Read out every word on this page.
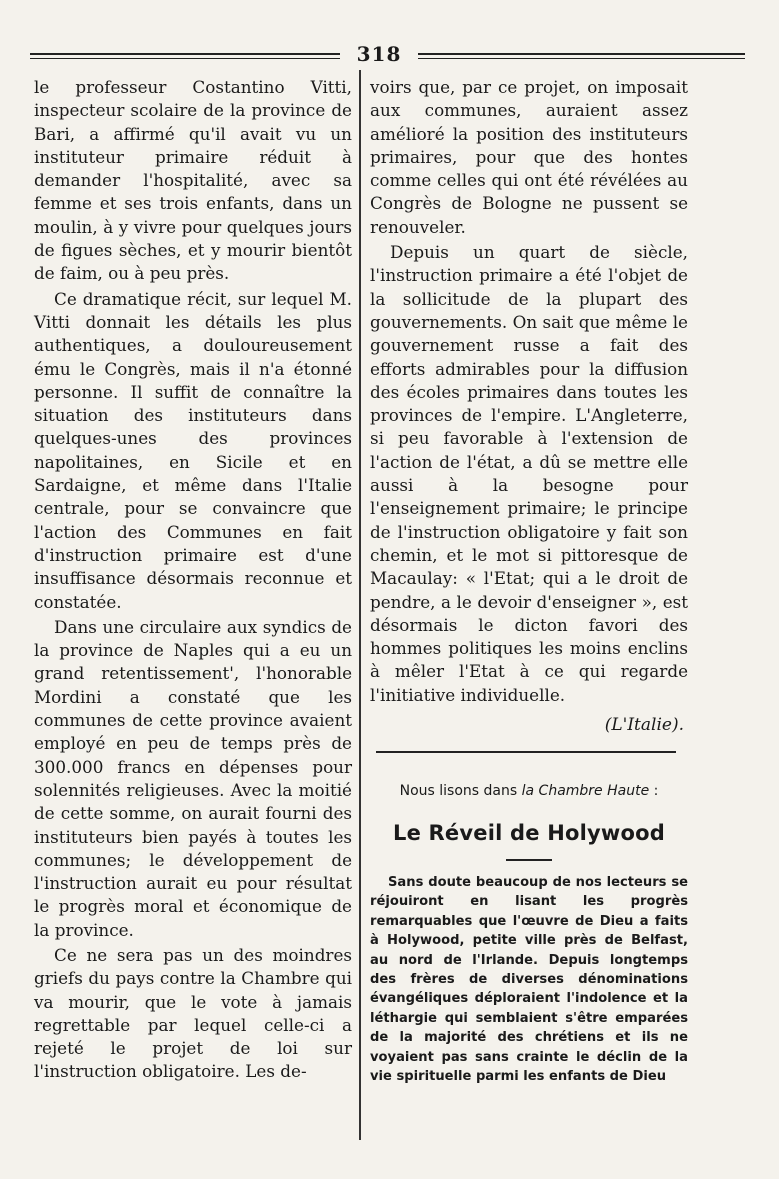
318

le professeur Costantino Vitti, inspecteur scolaire de la province de Bari, a affirmé qu'il avait vu un instituteur primaire réduit à demander l'hospitalité, avec sa femme et ses trois enfants, dans un moulin, à y vivre pour quelques jours de figues sèches, et y mourir bientôt de faim, ou à peu près.

Ce dramatique récit, sur lequel M. Vitti donnait les détails les plus authentiques, a douloureusement ému le Congrès, mais il n'a étonné personne. Il suffit de connaître la situation des instituteurs dans quelques-unes des provinces napolitaines, en Sicile et en Sardaigne, et même dans l'Italie centrale, pour se convaincre que l'action des Communes en fait d'instruction primaire est d'une insuffisance désormais reconnue et constatée.

Dans une circulaire aux syndics de la province de Naples qui a eu un grand retentissement', l'honorable Mordini a constaté que les communes de cette province avaient employé en peu de temps près de 300.000 francs en dépenses pour solennités religieuses. Avec la moitié de cette somme, on aurait fourni des instituteurs bien payés à toutes les communes; le développement de l'instruction aurait eu pour résultat le progrès moral et économique de la province.

Ce ne sera pas un des moindres griefs du pays contre la Chambre qui va mourir, que le vote à jamais regrettable par lequel celle-ci a rejeté le projet de loi sur l'instruction obligatoire. Les de-

voirs que, par ce projet, on imposait aux communes, auraient assez amélioré la position des instituteurs primaires, pour que des hontes comme celles qui ont été révélées au Congrès de Bologne ne pussent se renouveler.

Depuis un quart de siècle, l'instruction primaire a été l'objet de la sollicitude de la plupart des gouvernements. On sait que même le gouvernement russe a fait des efforts admirables pour la diffusion des écoles primaires dans toutes les provinces de l'empire. L'Angleterre, si peu favorable à l'extension de l'action de l'état, a dû se mettre elle aussi à la besogne pour l'enseignement primaire; le principe de l'instruction obligatoire y fait son chemin, et le mot si pittoresque de Macaulay: « l'Etat; qui a le droit de pendre, a le devoir d'enseigner », est désormais le dicton favori des hommes politiques les moins enclins à mêler l'Etat à ce qui regarde l'initiative individuelle.

(L'Italie).

Nous lisons dans la Chambre Haute :

Le Réveil de Holywood

Sans doute beaucoup de nos lecteurs se réjouiront en lisant les progrès remarquables que l'œuvre de Dieu a faits à Holywood, petite ville près de Belfast, au nord de l'Irlande. Depuis longtemps des frères de diverses dénominations évangéliques déploraient l'indolence et la léthargie qui semblaient s'être emparées de la majorité des chrétiens et ils ne voyaient pas sans crainte le déclin de la vie spirituelle parmi les enfants de Dieu
